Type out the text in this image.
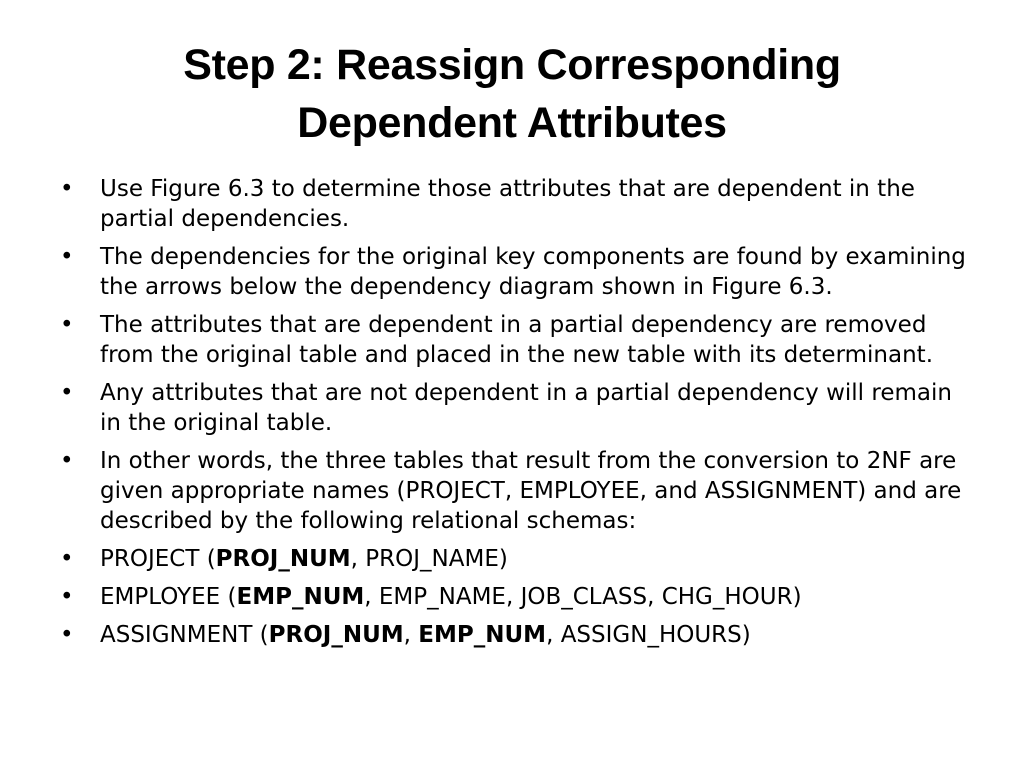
Step 2: Reassign Corresponding
Dependent Attributes
• Use Figure 6.3 to determine those attributes that are dependent in the partial dependencies.
• The dependencies for the original key components are found by examining the arrows below the dependency diagram shown in Figure 6.3.
• The attributes that are dependent in a partial dependency are removed from the original table and placed in the new table with its determinant.
• Any attributes that are not dependent in a partial dependency will remain in the original table.
• In other words, the three tables that result from the conversion to 2NF are given appropriate names (PROJECT, EMPLOYEE, and ASSIGNMENT) and are described by the following relational schemas:
• PROJECT (PROJ_NUM, PROJ_NAME)
• EMPLOYEE (EMP_NUM, EMP_NAME, JOB_CLASS, CHG_HOUR)
• ASSIGNMENT (PROJ_NUM, EMP_NUM, ASSIGN_HOURS)
